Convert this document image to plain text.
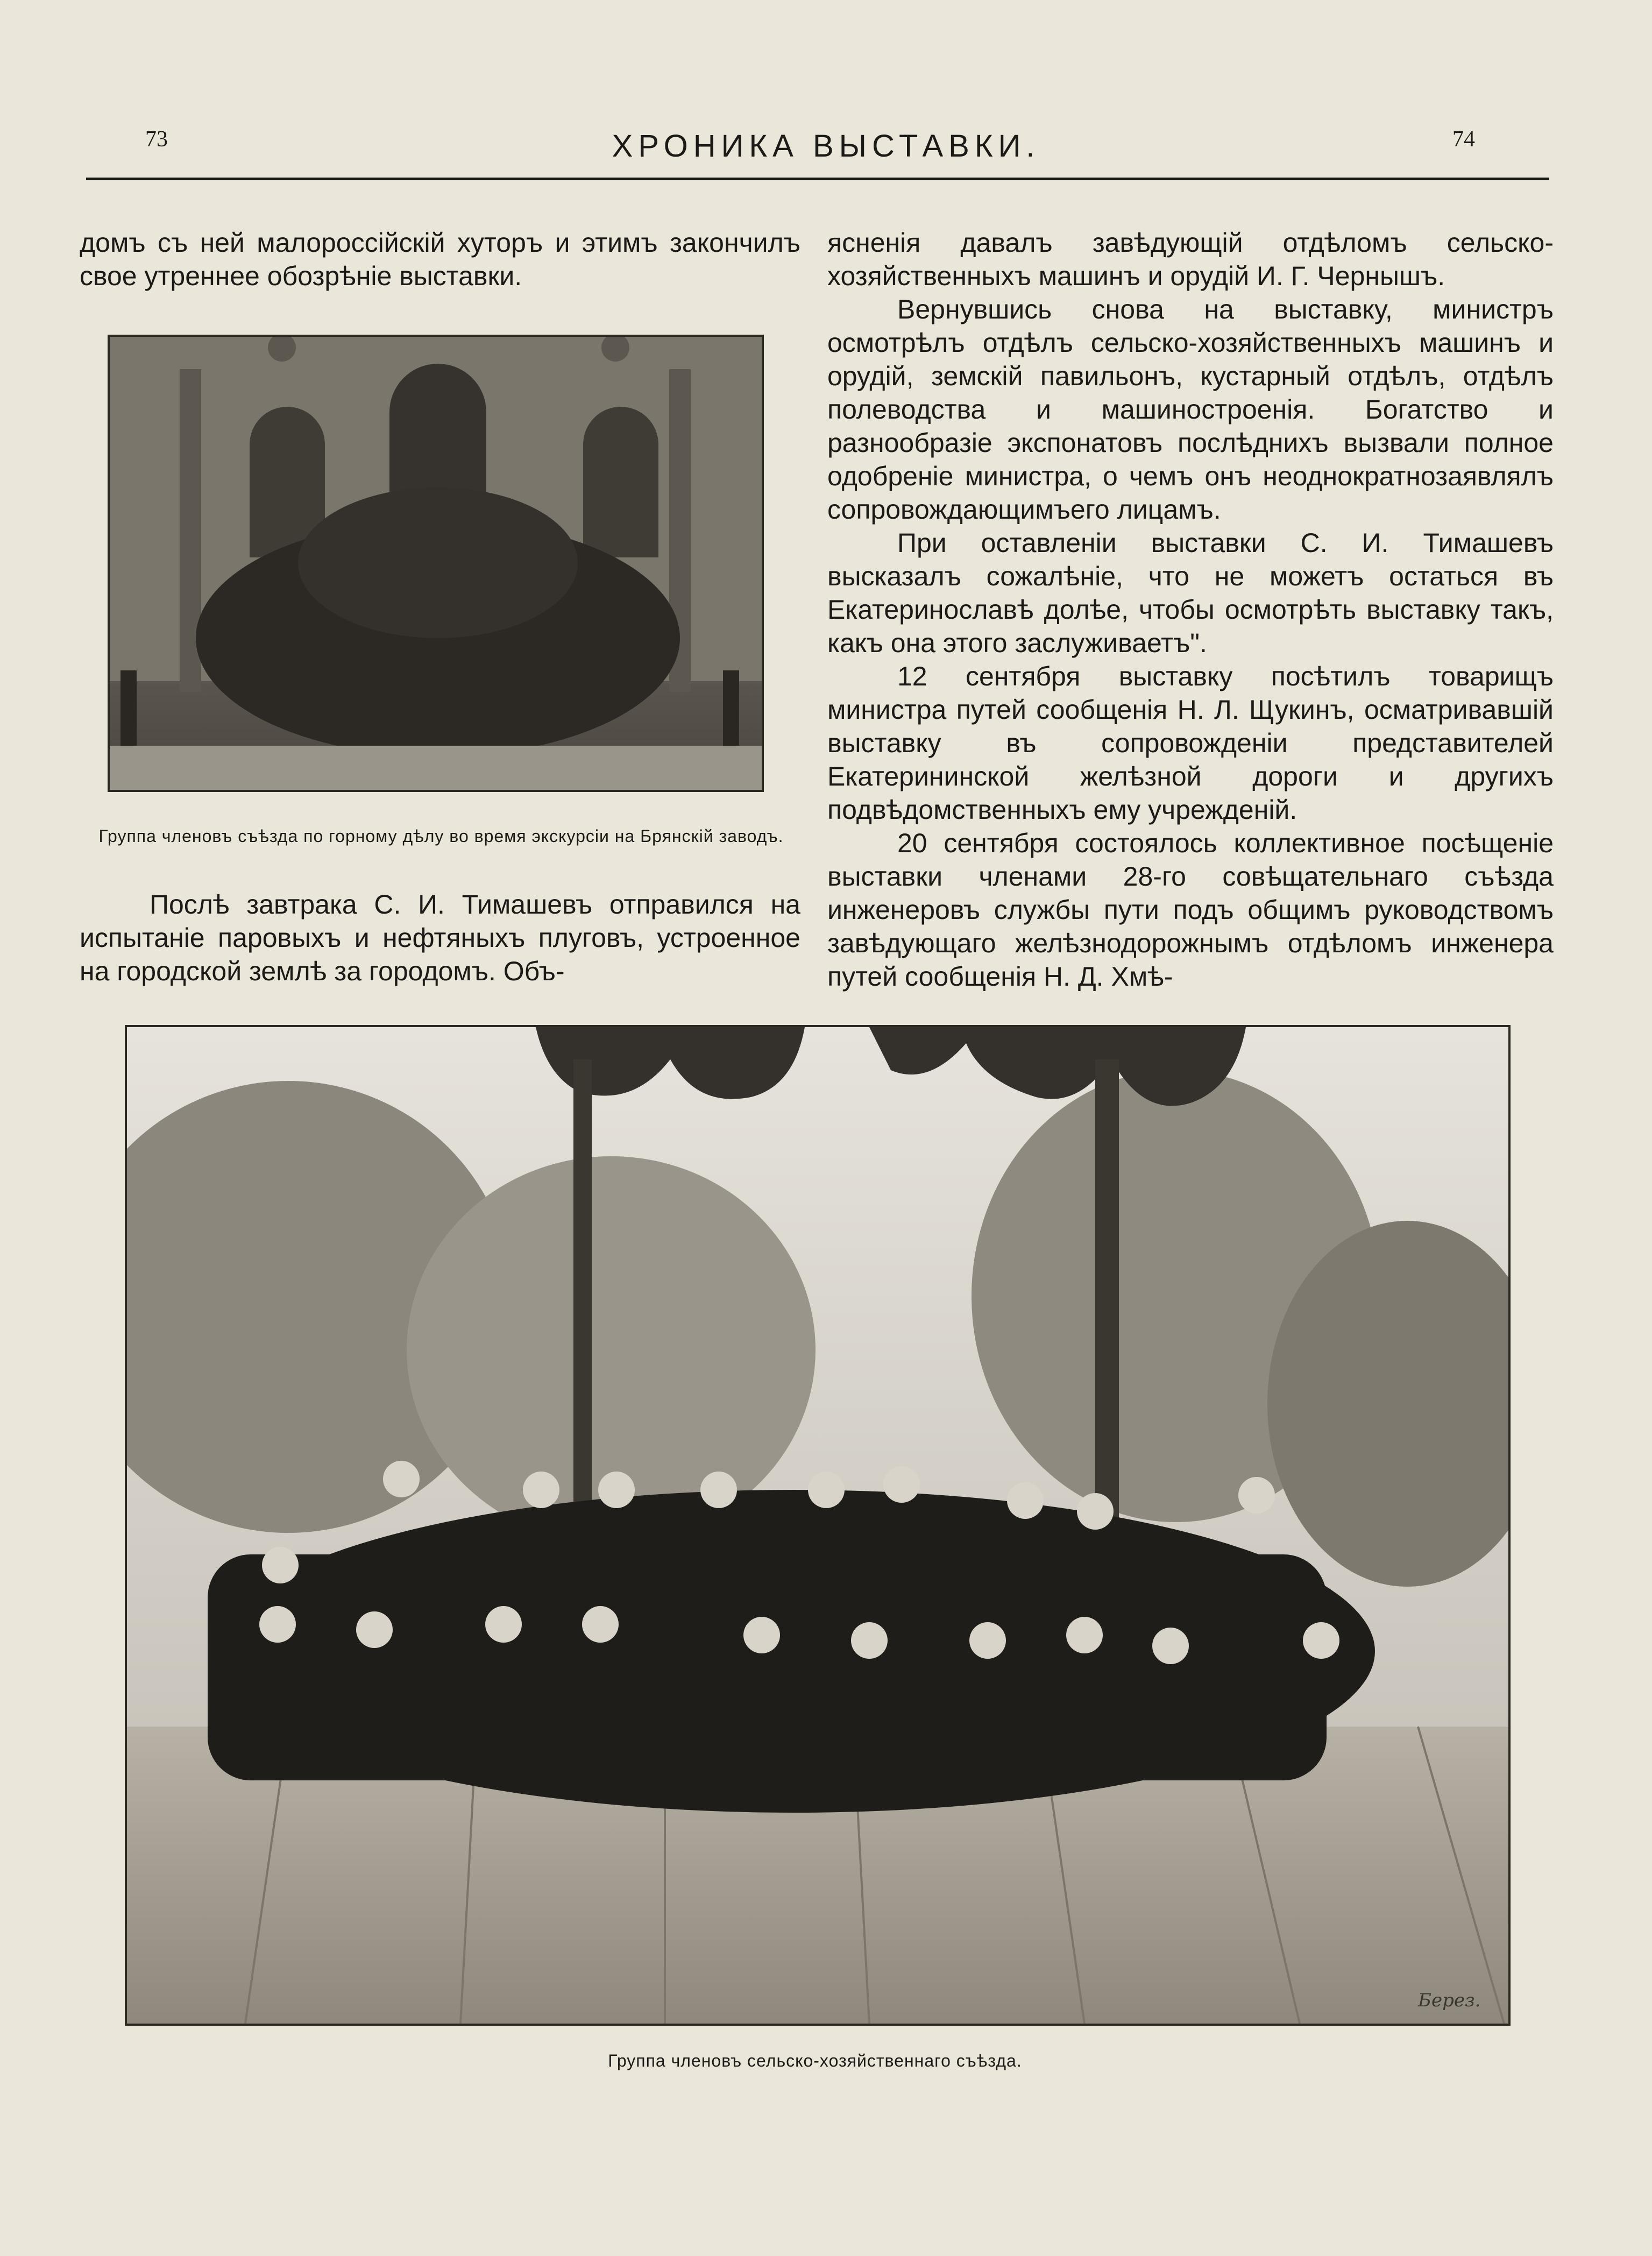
73	ХРОНИКА ВЫСТАВКИ.	74

домъ съ ней малороссійскій хуторъ и этимъ закончилъ свое утреннее обозрѣніе выставки.

Группа членовъ съѣзда по горному дѣлу во время экскурсіи на Брянскій заводъ.

Послѣ завтрака С. И. Тимашевъ отправился на испытаніе паровыхъ и нефтяныхъ плуговъ, устроенное на городской землѣ за городомъ. Объ-

ясненія давалъ завѣдующій отдѣломъ сельско-хозяйственныхъ машинъ и орудій И. Г. Чернышъ.

Вернувшись снова на выставку, министръ осмотрѣлъ отдѣлъ сельско-хозяйственныхъ машинъ и орудій, земскій павильонъ, кустарный отдѣлъ, отдѣлъ полеводства и машиностроенія. Богатство и разнообразіе экспонатовъ послѣднихъ вызвали полное одобреніе министра, о чемъ онъ неоднократнозаявлялъ сопровождающимъего лицамъ.

При оставленіи выставки С. И. Тимашевъ высказалъ сожалѣніе, что не можетъ остаться въ Екатеринославѣ долѣе, чтобы осмотрѣть выставку такъ, какъ она этого заслуживаетъ".

12 сентября выставку посѣтилъ товарищъ министра путей сообщенія Н. Л. Щукинъ, осматривавшій выставку въ сопровожденіи представителей Екатерининской желѣзной дороги и другихъ подвѣдомственныхъ ему учрежденій.

20 сентября состоялось коллективное посѣщеніе выставки членами 28-го совѣщательнаго съѣзда инженеровъ службы пути подъ общимъ руководствомъ завѣдующаго желѣзнодорожнымъ отдѣломъ инженера путей сообщенія Н. Д. Хмѣ-

Берез.
Группа членовъ сельско-хозяйственнаго съѣзда.
